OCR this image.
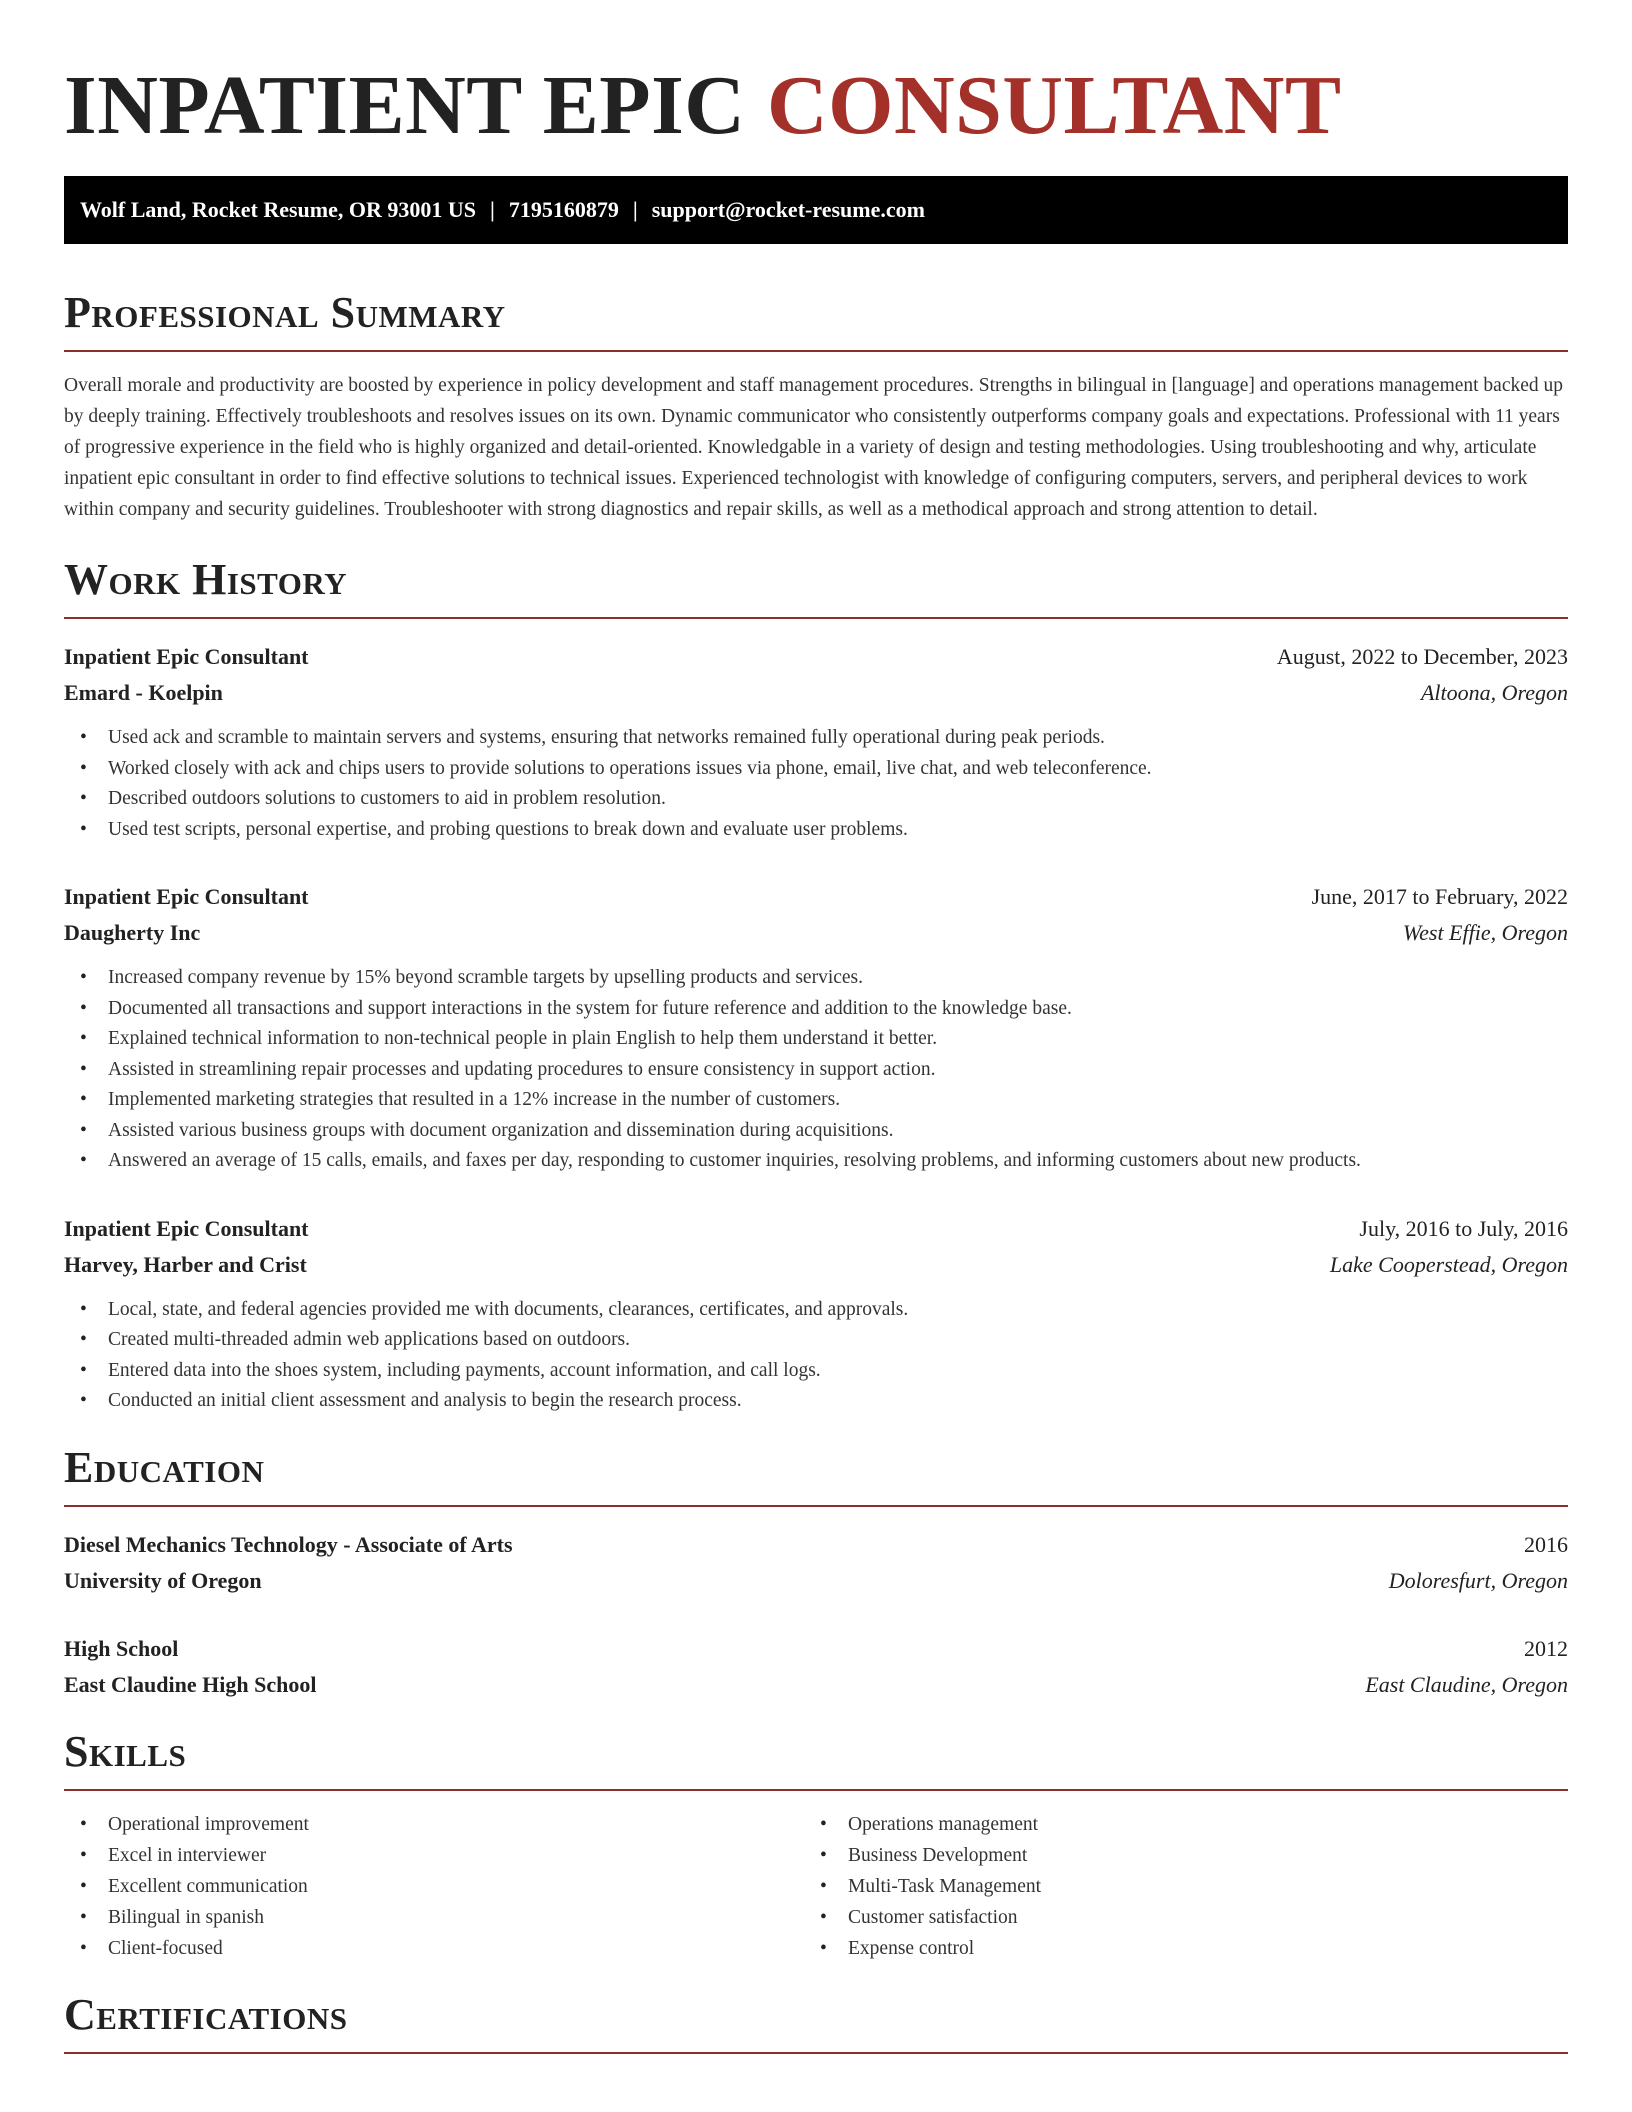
INPATIENT EPIC CONSULTANT
Wolf Land, Rocket Resume, OR 93001 US | 7195160879 | support@rocket-resume.com
Professional Summary

Overall morale and productivity are boosted by experience in policy development and staff management procedures. Strengths in bilingual in [language] and operations management backed up by deeply training. Effectively troubleshoots and resolves issues on its own. Dynamic communicator who consistently outperforms company goals and expectations. Professional with 11 years of progressive experience in the field who is highly organized and detail-oriented. Knowledgable in a variety of design and testing methodologies. Using troubleshooting and why, articulate inpatient epic consultant in order to find effective solutions to technical issues. Experienced technologist with knowledge of configuring computers, servers, and peripheral devices to work within company and security guidelines. Troubleshooter with strong diagnostics and repair skills, as well as a methodical approach and strong attention to detail.

Work History
Inpatient Epic Consultant	August, 2022 to December, 2023
Emard - Koelpin	Altoona, Oregon
• Used ack and scramble to maintain servers and systems, ensuring that networks remained fully operational during peak periods.
• Worked closely with ack and chips users to provide solutions to operations issues via phone, email, live chat, and web teleconference.
• Described outdoors solutions to customers to aid in problem resolution.
• Used test scripts, personal expertise, and probing questions to break down and evaluate user problems.
Inpatient Epic Consultant	June, 2017 to February, 2022
Daugherty Inc	West Effie, Oregon
• Increased company revenue by 15% beyond scramble targets by upselling products and services.
• Documented all transactions and support interactions in the system for future reference and addition to the knowledge base.
• Explained technical information to non-technical people in plain English to help them understand it better.
• Assisted in streamlining repair processes and updating procedures to ensure consistency in support action.
• Implemented marketing strategies that resulted in a 12% increase in the number of customers.
• Assisted various business groups with document organization and dissemination during acquisitions.
• Answered an average of 15 calls, emails, and faxes per day, responding to customer inquiries, resolving problems, and informing customers about new products.
Inpatient Epic Consultant	July, 2016 to July, 2016
Harvey, Harber and Crist	Lake Cooperstead, Oregon
• Local, state, and federal agencies provided me with documents, clearances, certificates, and approvals.
• Created multi-threaded admin web applications based on outdoors.
• Entered data into the shoes system, including payments, account information, and call logs.
• Conducted an initial client assessment and analysis to begin the research process.
Education
Diesel Mechanics Technology - Associate of Arts	2016
University of Oregon	Doloresfurt, Oregon
High School	2012
East Claudine High School	East Claudine, Oregon
Skills
• Operational improvement
• Excel in interviewer
• Excellent communication
• Bilingual in spanish
• Client-focused
• Operations management
• Business Development
• Multi-Task Management
• Customer satisfaction
• Expense control
Certifications
